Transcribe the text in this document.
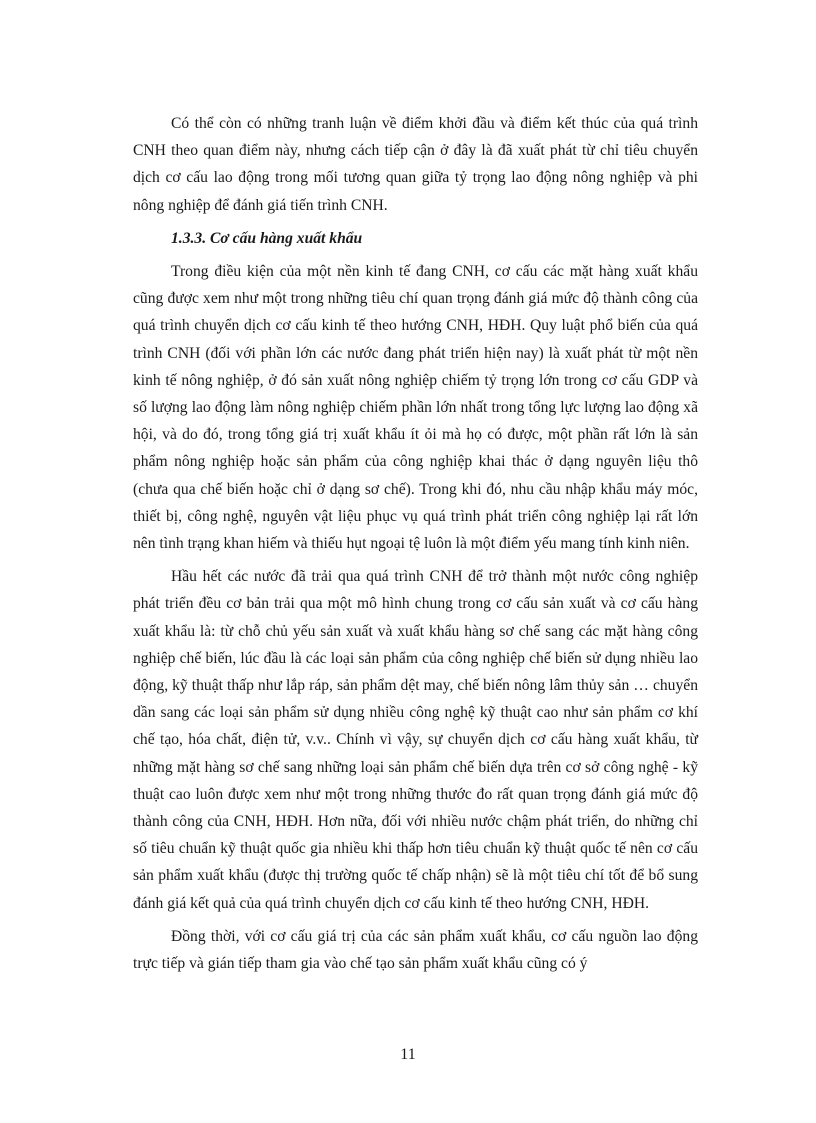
Có thể còn có những tranh luận về điểm khởi đầu và điểm kết thúc của quá trình CNH theo quan điểm này, nhưng cách tiếp cận ở đây là đã xuất phát từ chỉ tiêu chuyển dịch cơ cấu lao động trong mối tương quan giữa tỷ trọng lao động nông nghiệp và phi nông nghiệp để đánh giá tiến trình CNH.

1.3.3. Cơ cấu hàng xuất khẩu

Trong điều kiện của một nền kinh tế đang CNH, cơ cấu các mặt hàng xuất khẩu cũng được xem như một trong những tiêu chí quan trọng đánh giá mức độ thành công của quá trình chuyển dịch cơ cấu kinh tế theo hướng CNH, HĐH. Quy luật phổ biến của quá trình CNH (đối với phần lớn các nước đang phát triển hiện nay) là xuất phát từ một nền kinh tế nông nghiệp, ở đó sản xuất nông nghiệp chiếm tỷ trọng lớn trong cơ cấu GDP và số lượng lao động làm nông nghiệp chiếm phần lớn nhất trong tổng lực lượng lao động xã hội, và do đó, trong tổng giá trị xuất khẩu ít ỏi mà họ có được, một phần rất lớn là sản phẩm nông nghiệp hoặc sản phẩm của công nghiệp khai thác ở dạng nguyên liệu thô (chưa qua chế biến hoặc chỉ ở dạng sơ chế). Trong khi đó, nhu cầu nhập khẩu máy móc, thiết bị, công nghệ, nguyên vật liệu phục vụ quá trình phát triển công nghiệp lại rất lớn nên tình trạng khan hiếm và thiếu hụt ngoại tệ luôn là một điểm yếu mang tính kinh niên.

Hầu hết các nước đã trải qua quá trình CNH để trở thành một nước công nghiệp phát triển đều cơ bản trải qua một mô hình chung trong cơ cấu sản xuất và cơ cấu hàng xuất khẩu là: từ chỗ chủ yếu sản xuất và xuất khẩu hàng sơ chế sang các mặt hàng công nghiệp chế biến, lúc đầu là các loại sản phẩm của công nghiệp chế biến sử dụng nhiều lao động, kỹ thuật thấp như lắp ráp, sản phẩm dệt may, chế biến nông lâm thủy sản … chuyển dần sang các loại sản phẩm sử dụng nhiều công nghệ kỹ thuật cao như sản phẩm cơ khí chế tạo, hóa chất, điện tử, v.v.. Chính vì vậy, sự chuyển dịch cơ cấu hàng xuất khẩu, từ những mặt hàng sơ chế sang những loại sản phẩm chế biến dựa trên cơ sở công nghệ - kỹ thuật cao luôn được xem như một trong những thước đo rất quan trọng đánh giá mức độ thành công của CNH, HĐH. Hơn nữa, đối với nhiều nước chậm phát triển, do những chỉ số tiêu chuẩn kỹ thuật quốc gia nhiều khi thấp hơn tiêu chuẩn kỹ thuật quốc tế nên cơ cấu sản phẩm xuất khẩu (được thị trường quốc tế chấp nhận) sẽ là một tiêu chí tốt để bổ sung đánh giá kết quả của quá trình chuyển dịch cơ cấu kinh tế theo hướng CNH, HĐH.

Đồng thời, với cơ cấu giá trị của các sản phẩm xuất khẩu, cơ cấu nguồn lao động trực tiếp và gián tiếp tham gia vào chế tạo sản phẩm xuất khẩu cũng có ý

11
